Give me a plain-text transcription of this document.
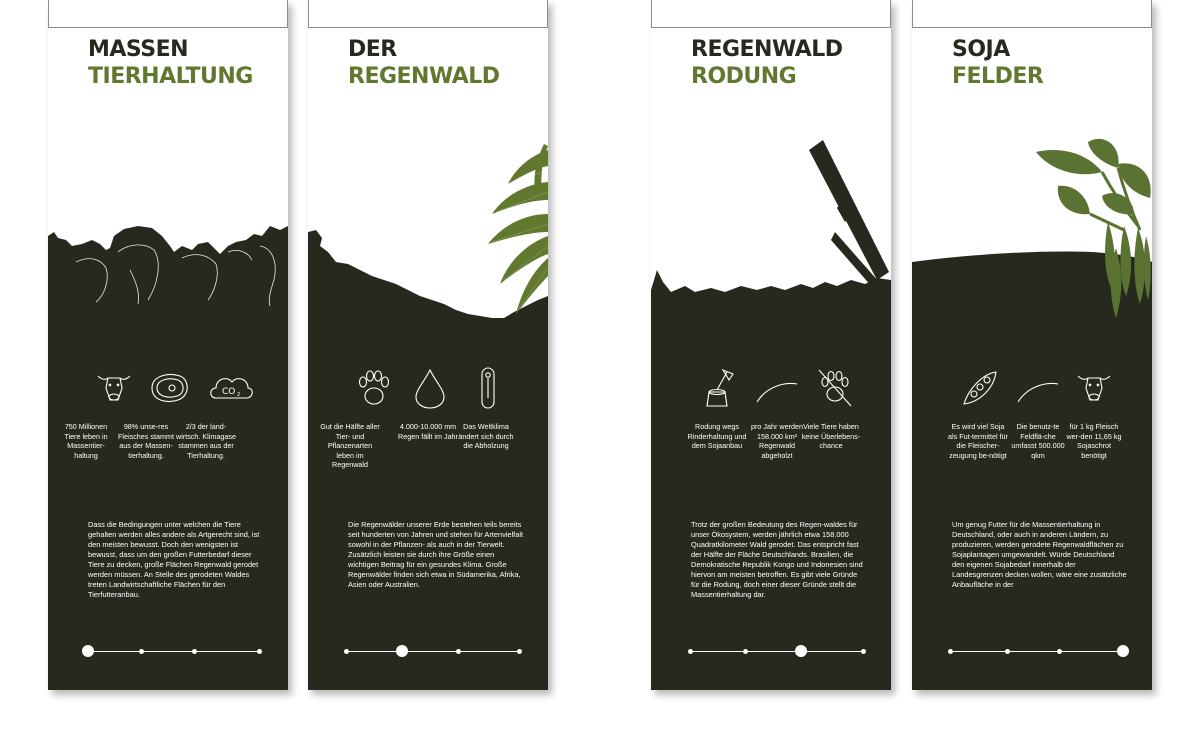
MASSEN
TIERHALTUNG
CO 2
750 Millionen Tiere leben in Massentier-haltung
98% unse-res Fleisches stammt aus der Massen-tierhaltung.
2/3 der land-wirtsch. Klimagase stammen aus der Tierhaltung.
Dass die Bedingungen unter welchen die Tiere gehalten werden alles andere als Artgerecht sind, ist den meisten bewusst. Doch den wenigsten ist bewusst, dass um den großen Futterbedarf dieser Tiere zu decken, große Flächen Regenwald gerodet werden müssen. An Stelle des gerodeten Waldes treten Landwirtschaftliche Flächen für den Tierfutteranbau.
DER
REGENWALD
Gut die Hälfte aller Tier- und Pflanzenarten leben im Regenwald
4.000-10.000 mm Regen fällt im Jahr
Das Weltklima ändert sich durch die Abholzung
Die Regenwälder unserer Erde bestehen teils bereits seit hunderten von Jahren und stehen für Artenvielfalt sowohl in der Pflanzen- als auch in der Tierwelt. Zusätzlich leisten sie durch ihre Größe einen wichtigen Beitrag für ein gesundes Klima. Große Regenwälder finden sich etwa in Südamerika, Afrika, Asien oder Australien.
REGENWALD
RODUNG
Rodung wegs Rinderhaltung und dem Sojaanbau
pro Jahr werden 158.000 km² Regenwald abgeholzt
Viele Tiere haben keine Überlebens-chance
Trotz der großen Bedeutung des Regen-waldes für unser Ökosystem, werden jährlich etwa 158.000 Quadratkilometer Wald gerodet. Das entspricht fast der Hälfte der Fläche Deutschlands. Brasilien, die Demokratische Republik Kongo und Indonesien sind hiervon am meisten betroffen. Es gibt viele Gründe für die Rodung, doch einer dieser Gründe stellt die Massentierhaltung dar.
SOJA
FELDER
Es wird viel Soja als Fut-termittel für die Fleischer-zeugung be-nötigt
Die benutz-te Feldflä-che umfasst 500.000 qkm
für 1 kg Fleisch wer-den 11,65 kg Sojaschrot benötigt
Um genug Futter für die Massentierhaltung in Deutschland, oder auch in anderen Ländern, zu produzieren, werden gerodete Regenwaldflächen zu Sojaplantagen umgewandelt. Würde Deutschland den eigenen Sojabedarf innerhalb der Landesgrenzen decken wollen, wäre eine zusätzliche Anbaufläche in der
